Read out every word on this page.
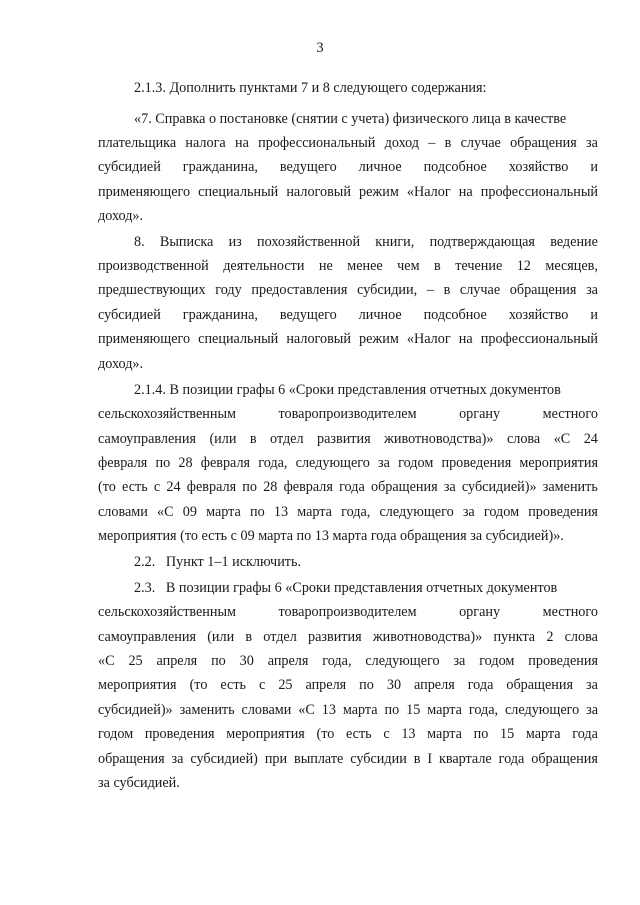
3
2.1.3. Дополнить пунктами 7 и 8 следующего содержания:
«7. Справка о постановке (снятии с учета) физического лица в качестве
плательщика налога на профессиональный доход – в случае обращения за
субсидией гражданина, ведущего личное подсобное хозяйство и
применяющего специальный налоговый режим «Налог на профессиональный
доход».
8. Выписка из похозяйственной книги, подтверждающая ведение
производственной деятельности не менее чем в течение 12 месяцев,
предшествующих году предоставления субсидии, – в случае обращения за
субсидией гражданина, ведущего личное подсобное хозяйство и
применяющего специальный налоговый режим «Налог на профессиональный
доход».
2.1.4. В позиции графы 6 «Сроки представления отчетных документов
сельскохозяйственным	товаропроизводителем	органу	местного
самоуправления (или в отдел развития животноводства)» слова «С 24
февраля по 28 февраля года, следующего за годом проведения мероприятия
(то есть с 24 февраля по 28 февраля года обращения за субсидией)» заменить
словами «С 09 марта по 13 марта года, следующего за годом проведения
мероприятия (то есть с 09 марта по 13 марта года обращения за субсидией)».
2.2.   Пункт 1–1 исключить.
2.3.   В позиции графы 6 «Сроки представления отчетных документов
сельскохозяйственным	товаропроизводителем	органу	местного
самоуправления (или в отдел развития животноводства)» пункта 2 слова
«С 25 апреля по 30 апреля года, следующего за годом проведения
мероприятия (то есть с 25 апреля по 30 апреля года обращения за
субсидией)» заменить словами «С 13 марта по 15 марта года, следующего за
годом проведения мероприятия (то есть с 13 марта по 15 марта года
обращения за субсидией) при выплате субсидии в I квартале года обращения
за субсидией.
